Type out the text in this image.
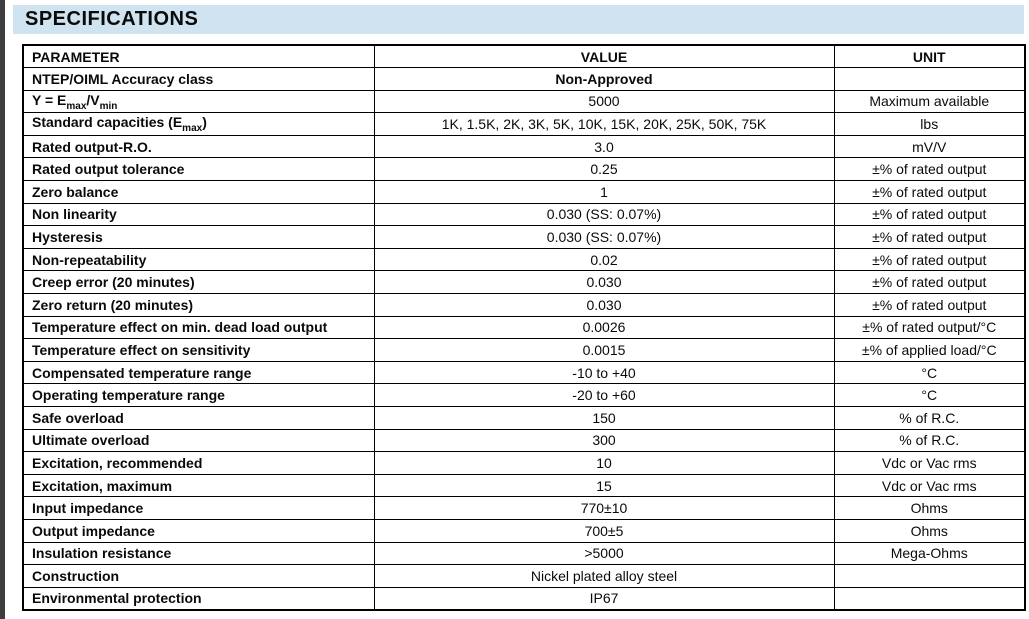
SPECIFICATIONS
PARAMETER	VALUE	UNIT
NTEP/OIML Accuracy class	Non-Approved	
$Y = E_{max}/V_{min}$	5000	Maximum available
Standard capacities $(E_{max})$	1K, 1.5K, 2K, 3K, 5K, 10K, 15K, 20K, 25K, 50K, 75K	lbs
Rated output-R.O.	3.0	mV/V
Rated output tolerance	0.25	±% of rated output
Zero balance	1	±% of rated output
Non linearity	0.030 (SS: 0.07%)	±% of rated output
Hysteresis	0.030 (SS: 0.07%)	±% of rated output
Non-repeatability	0.02	±% of rated output
Creep error (20 minutes)	0.030	±% of rated output
Zero return (20 minutes)	0.030	±% of rated output
Temperature effect on min. dead load output	0.0026	±% of rated output/°C
Temperature effect on sensitivity	0.0015	±% of applied load/°C
Compensated temperature range	-10 to +40	°C
Operating temperature range	-20 to +60	°C
Safe overload	150	% of R.C.
Ultimate overload	300	% of R.C.
Excitation, recommended	10	Vdc or Vac rms
Excitation, maximum	15	Vdc or Vac rms
Input impedance	770±10	Ohms
Output impedance	700±5	Ohms
Insulation resistance	>5000	Mega-Ohms
Construction	Nickel plated alloy steel	
Environmental protection	IP67	
